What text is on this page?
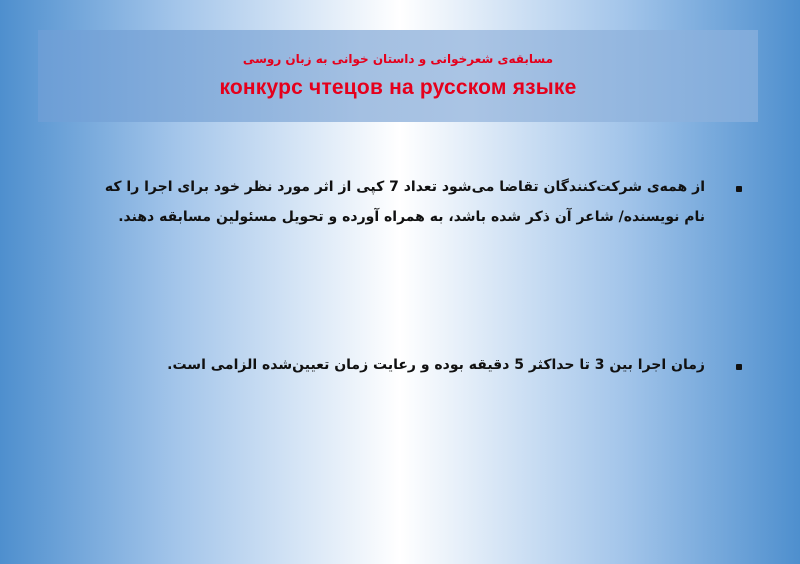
مسابقه‌ی شعرخوانی و داستان خوانی به زبان روسی
конкурс чтецов на русском языке
از همه‌ی شرکت‌کنندگان تقاضا می‌شود تعداد 7 کپی از اثر مورد نظر خود برای اجرا را که نام نویسنده/ شاعر آن ذکر شده باشد، به همراه آورده و تحویل مسئولین مسابقه دهند.
زمان اجرا بین 3 تا حداکثر 5 دقیقه بوده و رعایت زمان تعیین‌شده الزامی است.
